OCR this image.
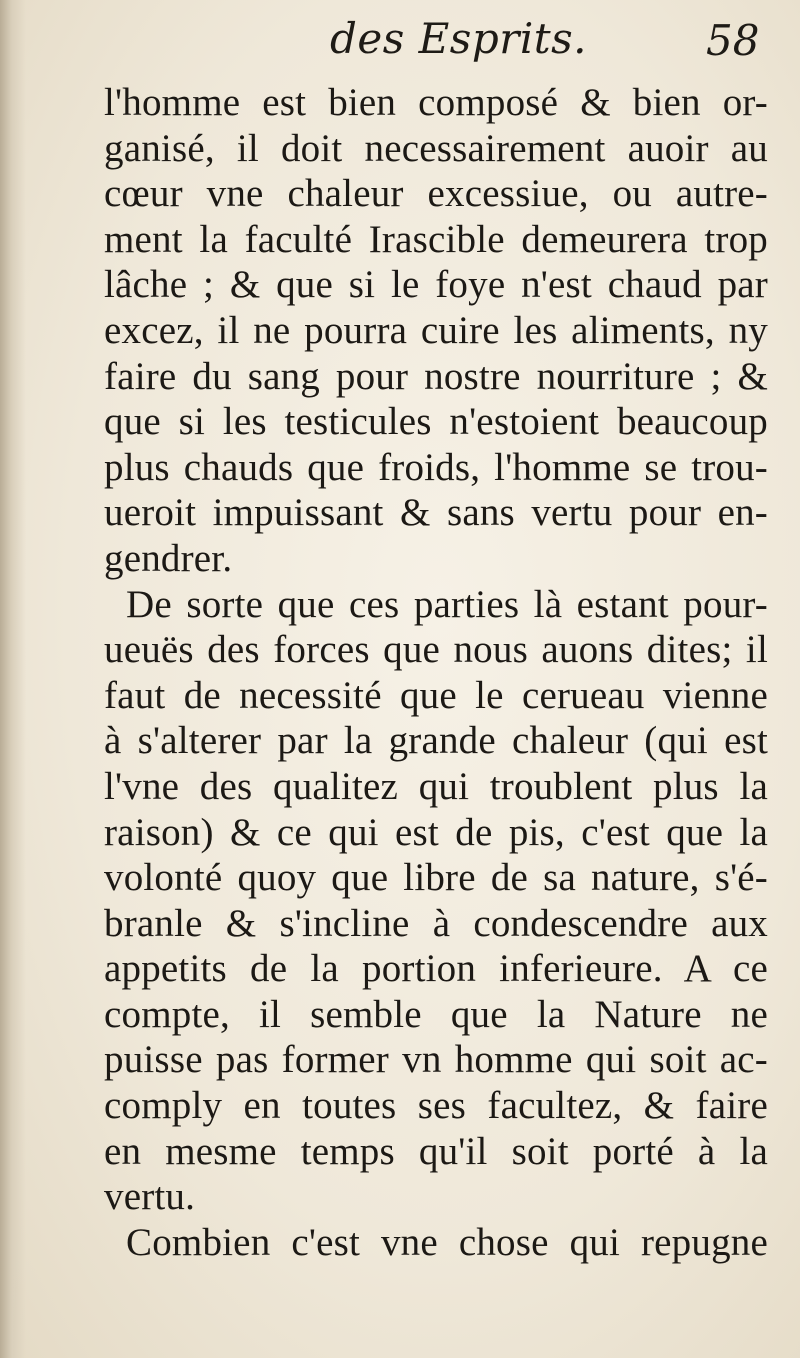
des Esprits.	58
l'homme est bien composé & bien or-
ganisé, il doit necessairement auoir au
cœur vne chaleur excessiue, ou autre-
ment la faculté Irascible demeurera trop
lâche ; & que si le foye n'est chaud par
excez, il ne pourra cuire les aliments, ny
faire du sang pour nostre nourriture ; &
que si les testicules n'estoient beaucoup
plus chauds que froids, l'homme se trou-
ueroit impuissant & sans vertu pour en-
gendrer.
De sorte que ces parties là estant pour-
ueuës des forces que nous auons dites; il
faut de necessité que le cerueau vienne
à s'alterer par la grande chaleur (qui est
l'vne des qualitez qui troublent plus la
raison) & ce qui est de pis, c'est que la
volonté quoy que libre de sa nature, s'é-
branle & s'incline à condescendre aux
appetits de la portion inferieure. A ce
compte, il semble que la Nature ne
puisse pas former vn homme qui soit ac-
comply en toutes ses facultez, & faire
en mesme temps qu'il soit porté à la
vertu.
Combien c'est vne chose qui repugne
